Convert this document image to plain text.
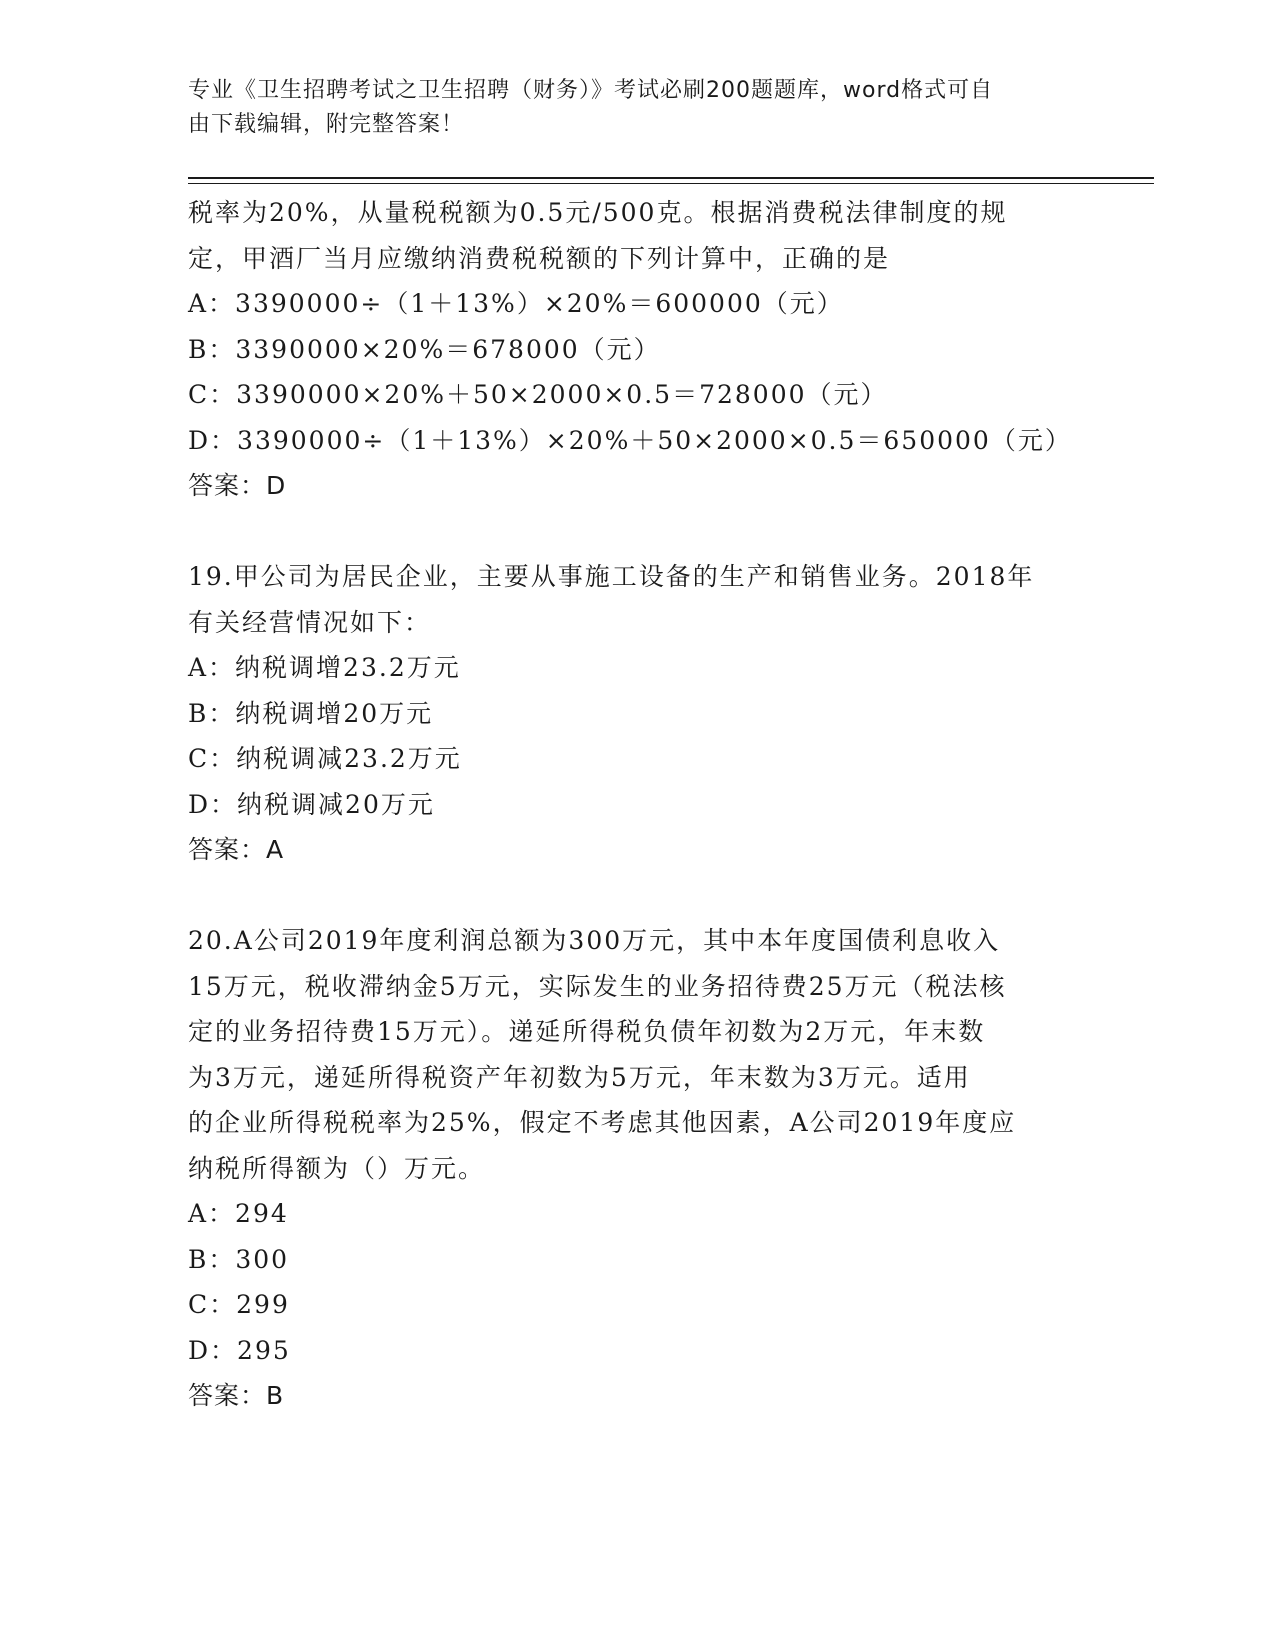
专业《卫生招聘考试之卫生招聘（财务）》考试必刷200题题库，word格式可自
由下载编辑，附完整答案！
税率为20%，从量税税额为0.5元/500克。根据消费税法律制度的规
定，甲酒厂当月应缴纳消费税税额的下列计算中，正确的是
A：3390000÷（1＋13%）×20%＝600000（元）
B：3390000×20%＝678000（元）
C：3390000×20%＋50×2000×0.5＝728000（元）
D：3390000÷（1＋13%）×20%＋50×2000×0.5＝650000（元）
答案：D
19.甲公司为居民企业，主要从事施工设备的生产和销售业务。2018年
有关经营情况如下：
A：纳税调增23.2万元
B：纳税调增20万元
C：纳税调减23.2万元
D：纳税调减20万元
答案：A
20.A公司2019年度利润总额为300万元，其中本年度国债利息收入
15万元，税收滞纳金5万元，实际发生的业务招待费25万元（税法核
定的业务招待费15万元）。递延所得税负债年初数为2万元，年末数
为3万元，递延所得税资产年初数为5万元，年末数为3万元。适用
的企业所得税税率为25%，假定不考虑其他因素，A公司2019年度应
纳税所得额为（）万元。
A：294
B：300
C：299
D：295
答案：B
